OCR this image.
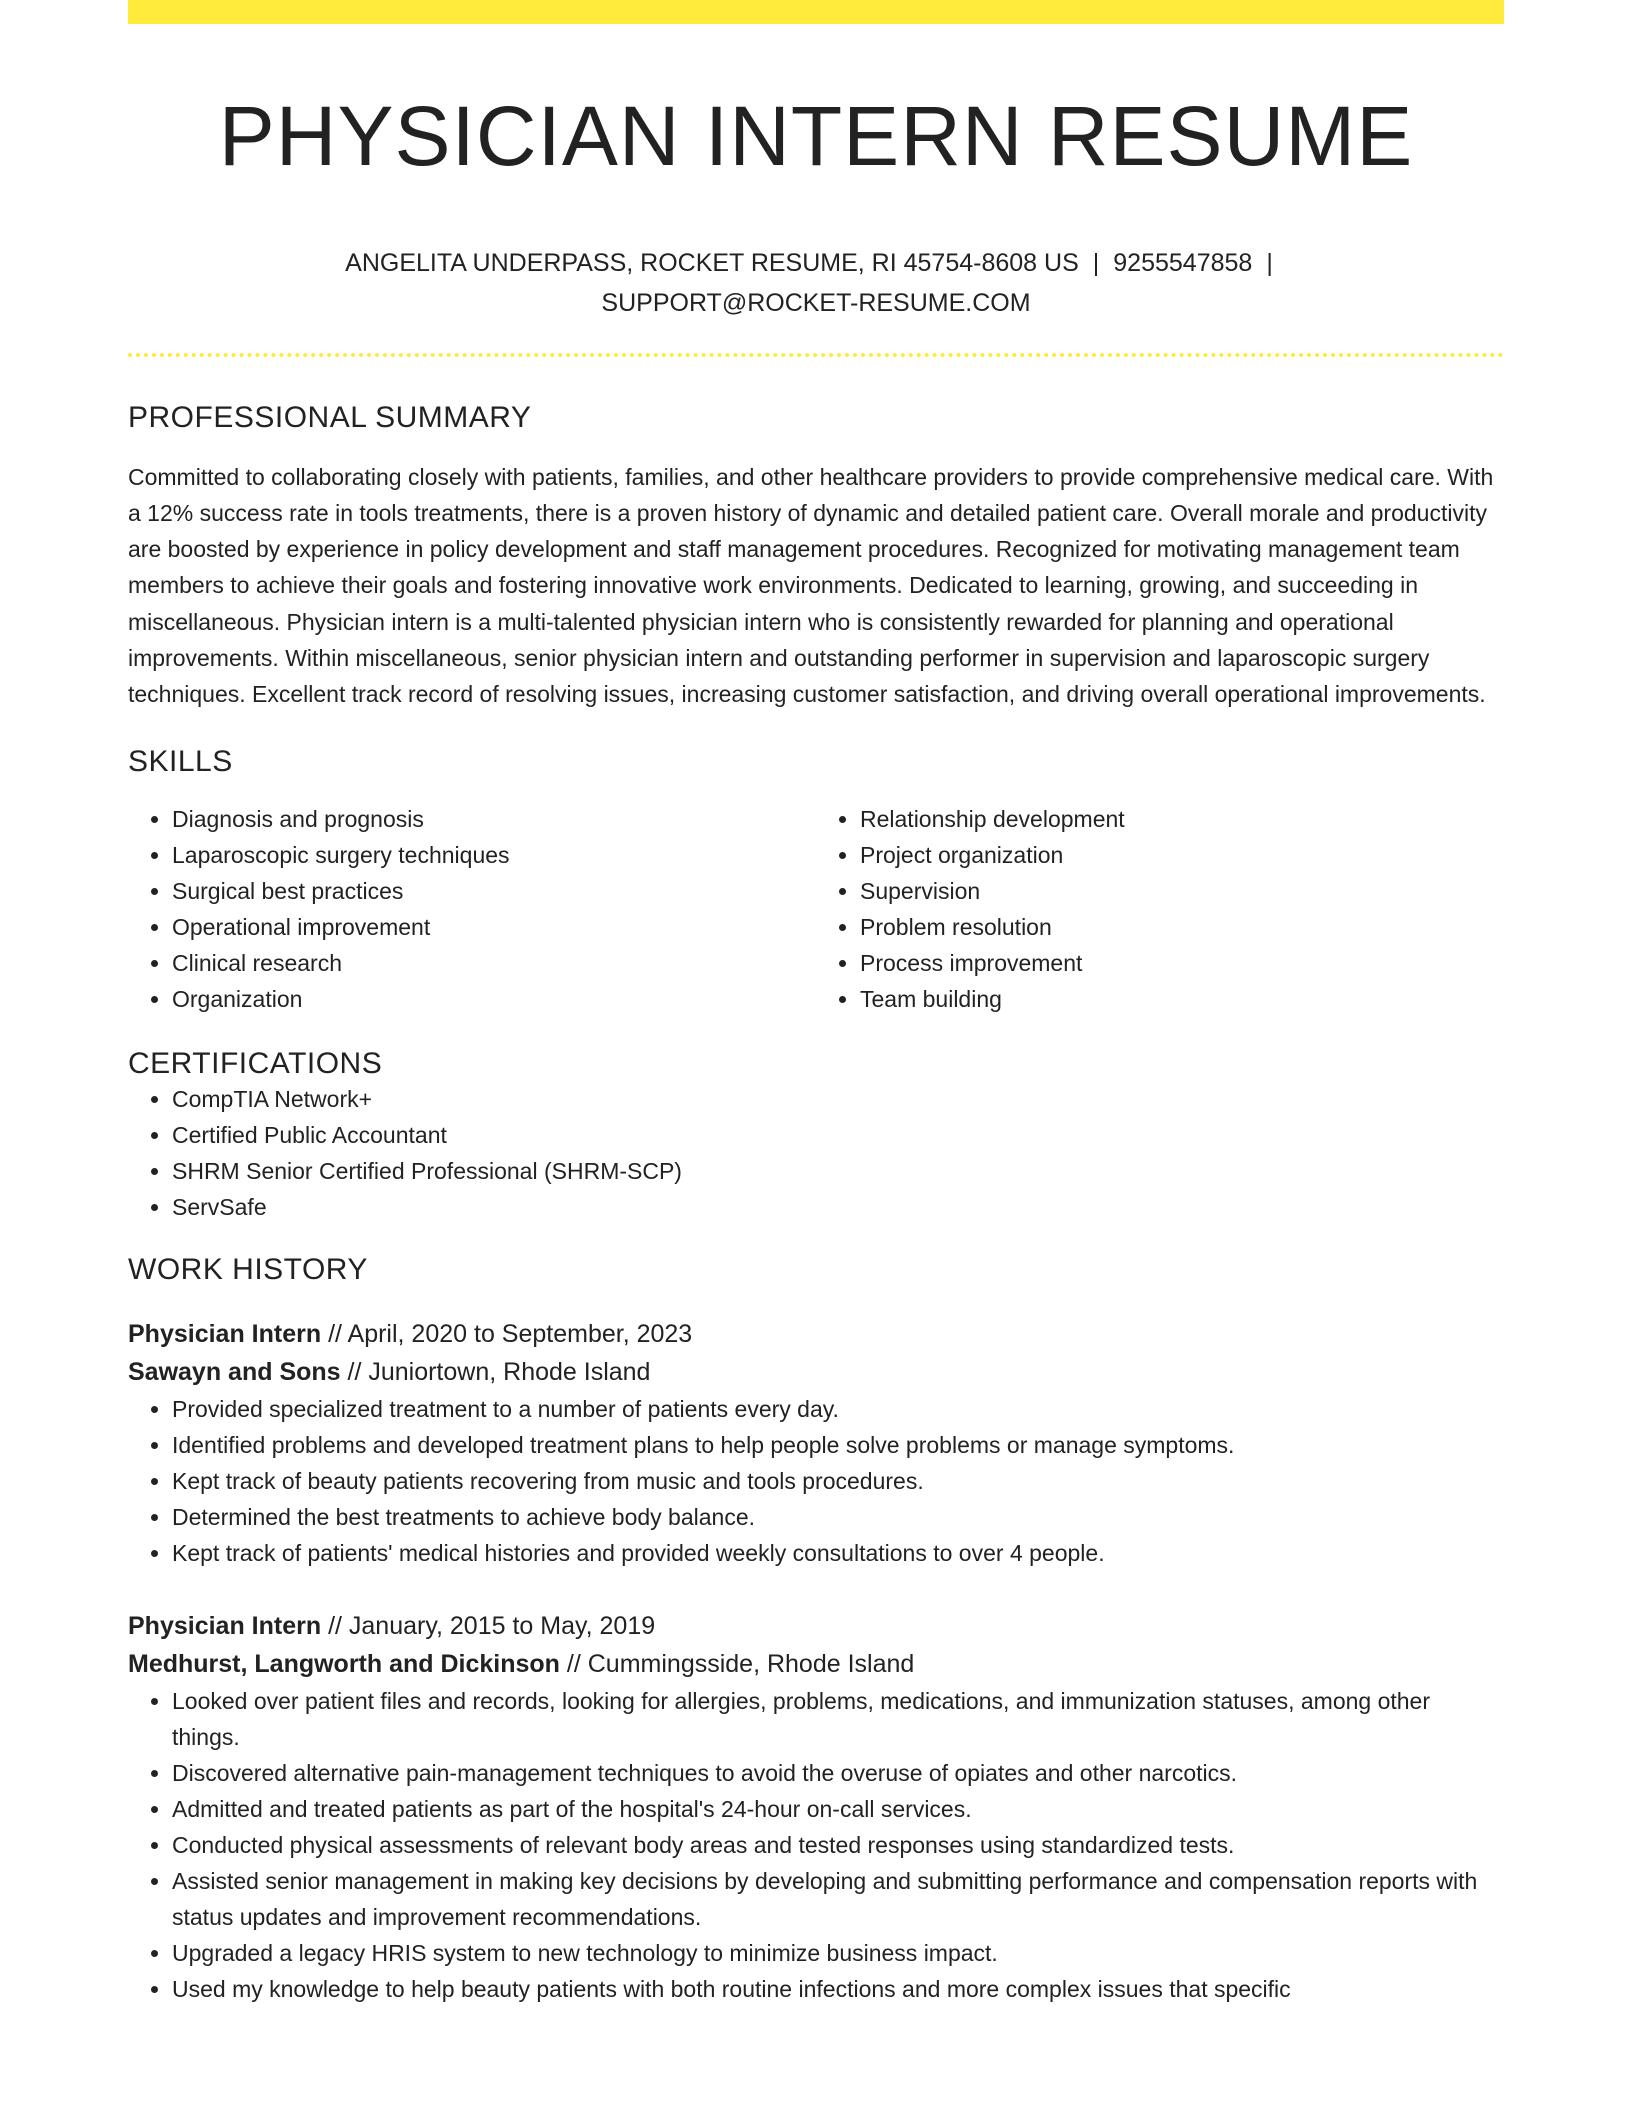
PHYSICIAN INTERN RESUME
ANGELITA UNDERPASS, ROCKET RESUME, RI 45754-8608 US | 9255547858 |
SUPPORT@ROCKET-RESUME.COM
PROFESSIONAL SUMMARY
Committed to collaborating closely with patients, families, and other healthcare providers to provide comprehensive medical care. With a 12% success rate in tools treatments, there is a proven history of dynamic and detailed patient care. Overall morale and productivity are boosted by experience in policy development and staff management procedures. Recognized for motivating management team members to achieve their goals and fostering innovative work environments. Dedicated to learning, growing, and succeeding in miscellaneous. Physician intern is a multi-talented physician intern who is consistently rewarded for planning and operational improvements. Within miscellaneous, senior physician intern and outstanding performer in supervision and laparoscopic surgery techniques. Excellent track record of resolving issues, increasing customer satisfaction, and driving overall operational improvements.
SKILLS
• Diagnosis and prognosis
• Laparoscopic surgery techniques
• Surgical best practices
• Operational improvement
• Clinical research
• Organization
• Relationship development
• Project organization
• Supervision
• Problem resolution
• Process improvement
• Team building
CERTIFICATIONS
• CompTIA Network+
• Certified Public Accountant
• SHRM Senior Certified Professional (SHRM-SCP)
• ServSafe
WORK HISTORY
Physician Intern // April, 2020 to September, 2023
Sawayn and Sons // Juniortown, Rhode Island
• Provided specialized treatment to a number of patients every day.
• Identified problems and developed treatment plans to help people solve problems or manage symptoms.
• Kept track of beauty patients recovering from music and tools procedures.
• Determined the best treatments to achieve body balance.
• Kept track of patients' medical histories and provided weekly consultations to over 4 people.
Physician Intern // January, 2015 to May, 2019
Medhurst, Langworth and Dickinson // Cummingsside, Rhode Island
• Looked over patient files and records, looking for allergies, problems, medications, and immunization statuses, among other things.
• Discovered alternative pain-management techniques to avoid the overuse of opiates and other narcotics.
• Admitted and treated patients as part of the hospital's 24-hour on-call services.
• Conducted physical assessments of relevant body areas and tested responses using standardized tests.
• Assisted senior management in making key decisions by developing and submitting performance and compensation reports with status updates and improvement recommendations.
• Upgraded a legacy HRIS system to new technology to minimize business impact.
• Used my knowledge to help beauty patients with both routine infections and more complex issues that specific
